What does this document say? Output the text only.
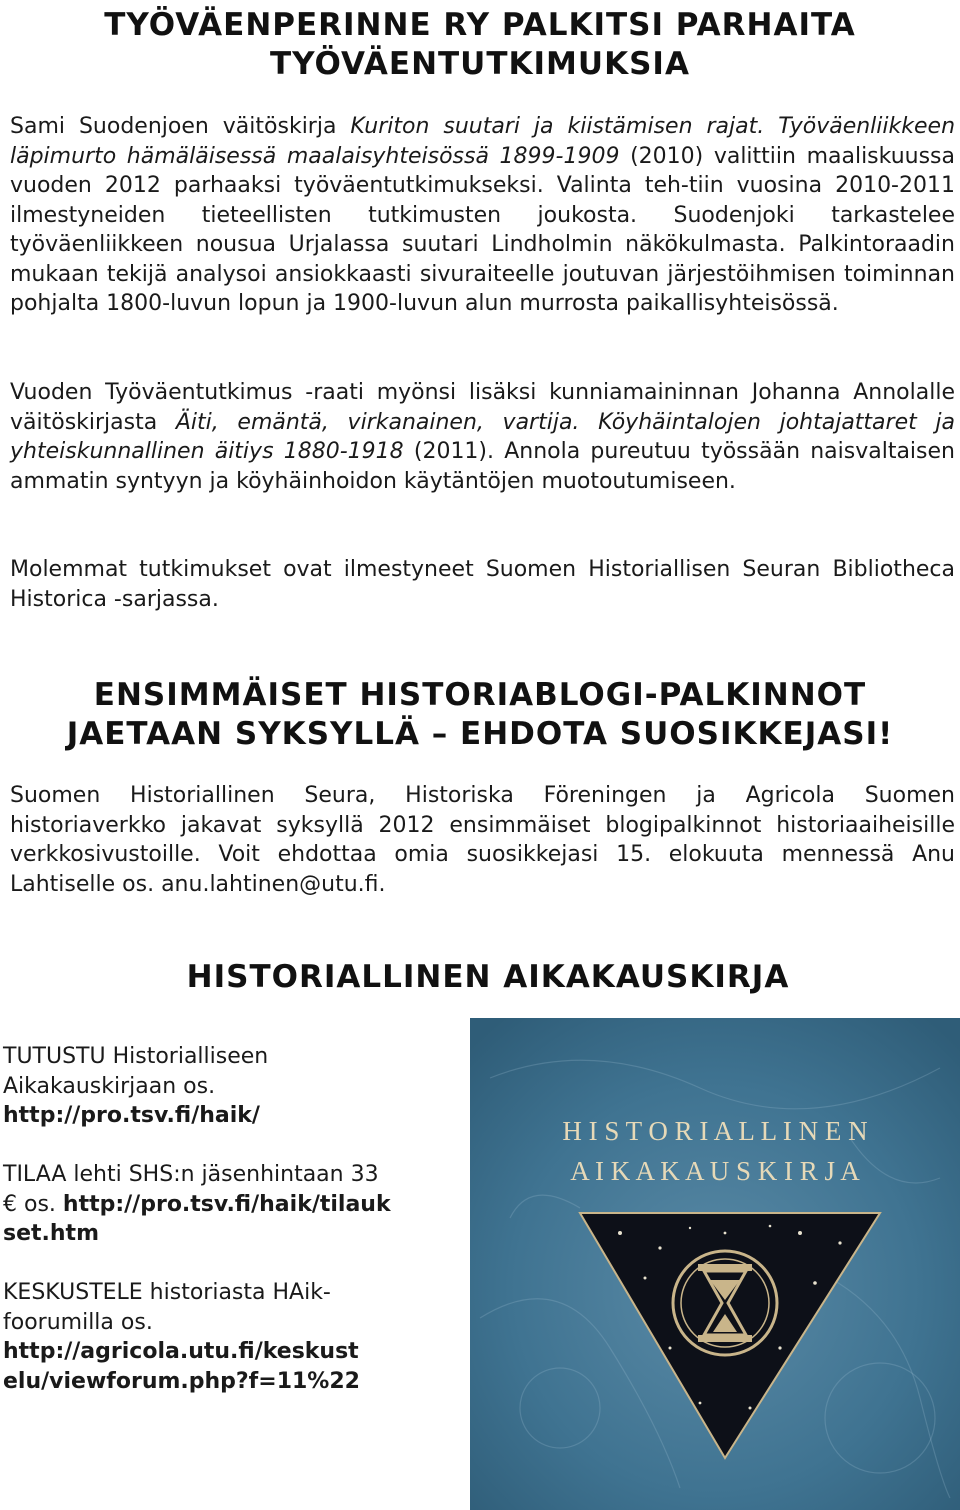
TYÖVÄENPERINNE RY PALKITSI PARHAITA
TYÖVÄENTUTKIMUKSIA

Sami Suodenjoen väitöskirja Kuriton suutari ja kiistämisen rajat. Työväenliikkeen läpimurto hämäläisessä maalaisyhteisössä 1899-1909 (2010) valittiin maaliskuussa vuoden 2012 parhaaksi työväentutkimukseksi. Valinta teh-tiin vuosina 2010-2011 ilmestyneiden tieteellisten tutkimusten joukosta. Suodenjoki tarkastelee työväenliikkeen nousua Urjalassa suutari Lindholmin näkökulmasta. Palkintoraadin mukaan tekijä analysoi ansiokkaasti sivuraiteelle joutuvan järjestöihmisen toiminnan pohjalta 1800-luvun lopun ja 1900-luvun alun murrosta paikallisyhteisössä.

Vuoden Työväentutkimus -raati myönsi lisäksi kunniamaininnan Johanna Annolalle väitöskirjasta Äiti, emäntä, virkanainen, vartija. Köyhäintalojen johtajattaret ja yhteiskunnallinen äitiys 1880-1918 (2011). Annola pureutuu työssään naisvaltaisen ammatin syntyyn ja köyhäinhoidon käytäntöjen muotoutumiseen.

Molemmat tutkimukset ovat ilmestyneet Suomen Historiallisen Seuran Bibliotheca Historica -sarjassa.

ENSIMMÄISET HISTORIABLOGI-PALKINNOT
JAETAAN SYKSYLLÄ – EHDOTA SUOSIKKEJASI!

Suomen Historiallinen Seura, Historiska Föreningen ja Agricola Suomen historiaverkko jakavat syksyllä 2012 ensimmäiset blogipalkinnot historiaaiheisille verkkosivustoille. Voit ehdottaa omia suosikkejasi 15. elokuuta mennessä Anu Lahtiselle os. anu.lahtinen@utu.fi.

HISTORIALLINEN AIKAKAUSKIRJA
TUTUSTU Historialliseen Aikakauskirjaan os.
http://pro.tsv.fi/haik/
TILAA lehti SHS:n jäsenhintaan 33 € os. http://pro.tsv.fi/haik/tilaukset.htm
KESKUSTELE historiasta HAik-foorumilla os.
http://agricola.utu.fi/keskustelu/viewforum.php?f=11%22
H I S T O R I A L L I N E N
A I K A K A U S K I R J A
